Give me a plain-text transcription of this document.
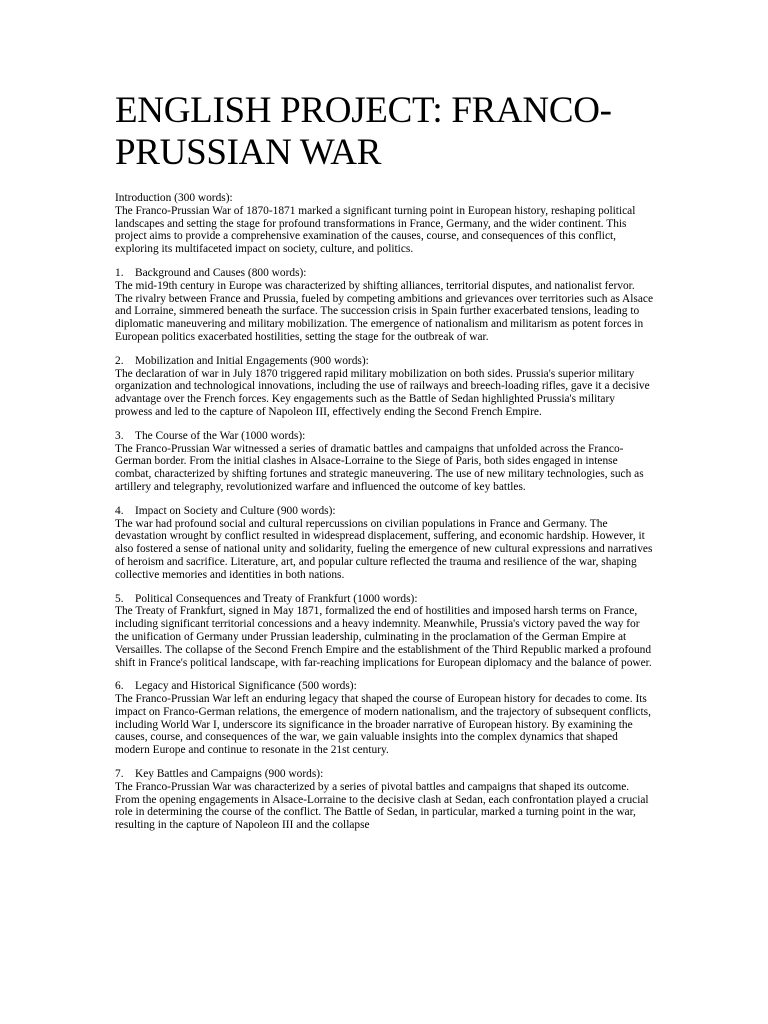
ENGLISH PROJECT: FRANCO-PRUSSIAN WAR
Introduction (300 words):
The Franco-Prussian War of 1870-1871 marked a significant turning point in European history, reshaping political landscapes and setting the stage for profound transformations in France, Germany, and the wider continent. This project aims to provide a comprehensive examination of the causes, course, and consequences of this conflict, exploring its multifaceted impact on society, culture, and politics.
1. Background and Causes (800 words):
The mid-19th century in Europe was characterized by shifting alliances, territorial disputes, and nationalist fervor. The rivalry between France and Prussia, fueled by competing ambitions and grievances over territories such as Alsace and Lorraine, simmered beneath the surface. The succession crisis in Spain further exacerbated tensions, leading to diplomatic maneuvering and military mobilization. The emergence of nationalism and militarism as potent forces in European politics exacerbated hostilities, setting the stage for the outbreak of war.
2. Mobilization and Initial Engagements (900 words):
The declaration of war in July 1870 triggered rapid military mobilization on both sides. Prussia's superior military organization and technological innovations, including the use of railways and breech-loading rifles, gave it a decisive advantage over the French forces. Key engagements such as the Battle of Sedan highlighted Prussia's military prowess and led to the capture of Napoleon III, effectively ending the Second French Empire.
3. The Course of the War (1000 words):
The Franco-Prussian War witnessed a series of dramatic battles and campaigns that unfolded across the Franco-German border. From the initial clashes in Alsace-Lorraine to the Siege of Paris, both sides engaged in intense combat, characterized by shifting fortunes and strategic maneuvering. The use of new military technologies, such as artillery and telegraphy, revolutionized warfare and influenced the outcome of key battles.
4. Impact on Society and Culture (900 words):
The war had profound social and cultural repercussions on civilian populations in France and Germany. The devastation wrought by conflict resulted in widespread displacement, suffering, and economic hardship. However, it also fostered a sense of national unity and solidarity, fueling the emergence of new cultural expressions and narratives of heroism and sacrifice. Literature, art, and popular culture reflected the trauma and resilience of the war, shaping collective memories and identities in both nations.
5. Political Consequences and Treaty of Frankfurt (1000 words):
The Treaty of Frankfurt, signed in May 1871, formalized the end of hostilities and imposed harsh terms on France, including significant territorial concessions and a heavy indemnity. Meanwhile, Prussia's victory paved the way for the unification of Germany under Prussian leadership, culminating in the proclamation of the German Empire at Versailles. The collapse of the Second French Empire and the establishment of the Third Republic marked a profound shift in France's political landscape, with far-reaching implications for European diplomacy and the balance of power.
6. Legacy and Historical Significance (500 words):
The Franco-Prussian War left an enduring legacy that shaped the course of European history for decades to come. Its impact on Franco-German relations, the emergence of modern nationalism, and the trajectory of subsequent conflicts, including World War I, underscore its significance in the broader narrative of European history. By examining the causes, course, and consequences of the war, we gain valuable insights into the complex dynamics that shaped modern Europe and continue to resonate in the 21st century.
7. Key Battles and Campaigns (900 words):
The Franco-Prussian War was characterized by a series of pivotal battles and campaigns that shaped its outcome. From the opening engagements in Alsace-Lorraine to the decisive clash at Sedan, each confrontation played a crucial role in determining the course of the conflict. The Battle of Sedan, in particular, marked a turning point in the war, resulting in the capture of Napoleon III and the collapse
